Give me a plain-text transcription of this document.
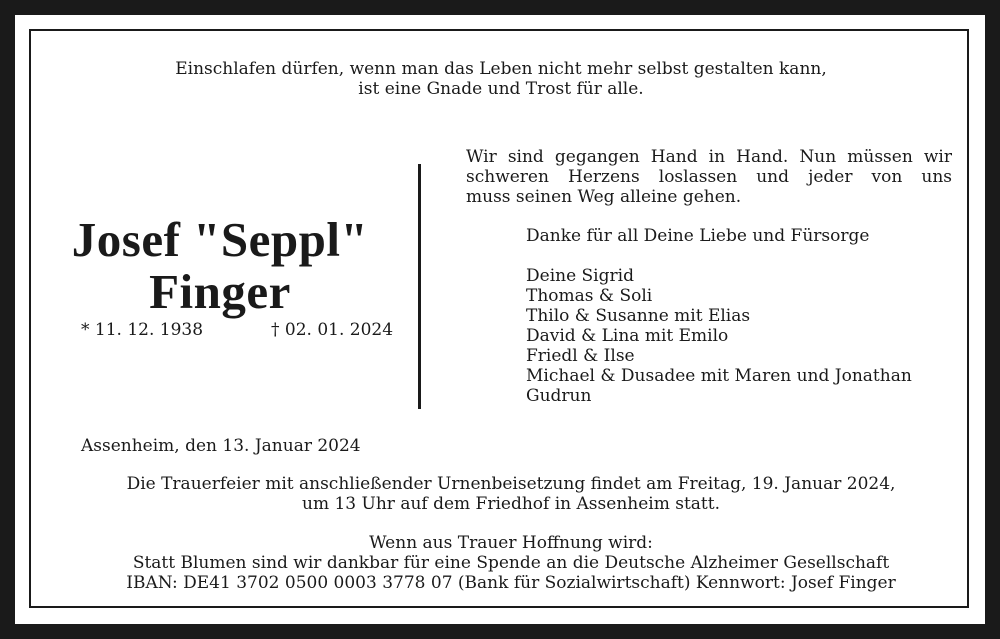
Einschlafen dürfen, wenn man das Leben nicht mehr selbst gestalten kann,
ist eine Gnade und Trost für alle.
Josef "Seppl"
Finger
* 11. 12. 1938	† 02. 01. 2024
Wir sind gegangen Hand in Hand. Nun müssen wir
schweren Herzens loslassen und jeder von uns
muss seinen Weg alleine gehen.
Danke für all Deine Liebe und Fürsorge
Deine Sigrid
Thomas & Soli
Thilo & Susanne mit Elias
David & Lina mit Emilo
Friedl & Ilse
Michael & Dusadee mit Maren und Jonathan
Gudrun
Assenheim, den 13. Januar 2024
Die Trauerfeier mit anschließender Urnenbeisetzung findet am Freitag, 19. Januar 2024,
um 13 Uhr auf dem Friedhof in Assenheim statt.
Wenn aus Trauer Hoffnung wird:
Statt Blumen sind wir dankbar für eine Spende an die Deutsche Alzheimer Gesellschaft
IBAN: DE41 3702 0500 0003 3778 07 (Bank für Sozialwirtschaft) Kennwort: Josef Finger
